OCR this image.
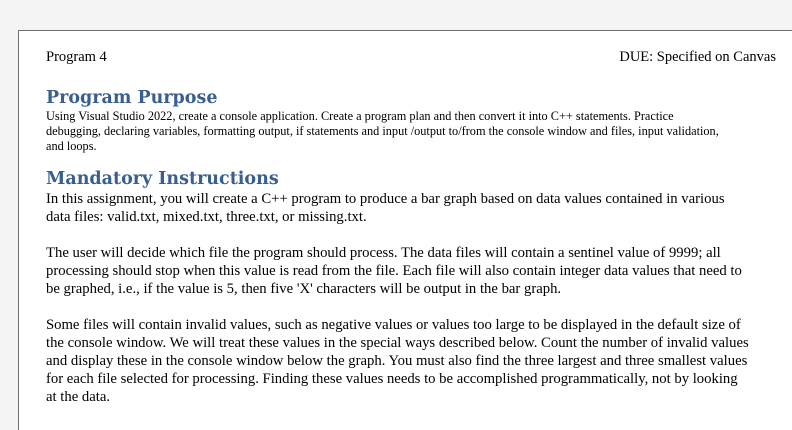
Program 4	DUE: Specified on Canvas
Program Purpose

Using Visual Studio 2022, create a console application. Create a program plan and then convert it into C++ statements. Practice debugging, declaring variables, formatting output, if statements and input /output to/from the console window and files, input validation, and loops.

Mandatory Instructions

In this assignment, you will create a C++ program to produce a bar graph based on data values contained in various data files: valid.txt, mixed.txt, three.txt, or missing.txt.

The user will decide which file the program should process. The data files will contain a sentinel value of 9999; all processing should stop when this value is read from the file. Each file will also contain integer data values that need to be graphed, i.e., if the value is 5, then five 'X' characters will be output in the bar graph.

Some files will contain invalid values, such as negative values or values too large to be displayed in the default size of the console window. We will treat these values in the special ways described below. Count the number of invalid values and display these in the console window below the graph. You must also find the three largest and three smallest values for each file selected for processing. Finding these values needs to be accomplished programmatically, not by looking at the data.
